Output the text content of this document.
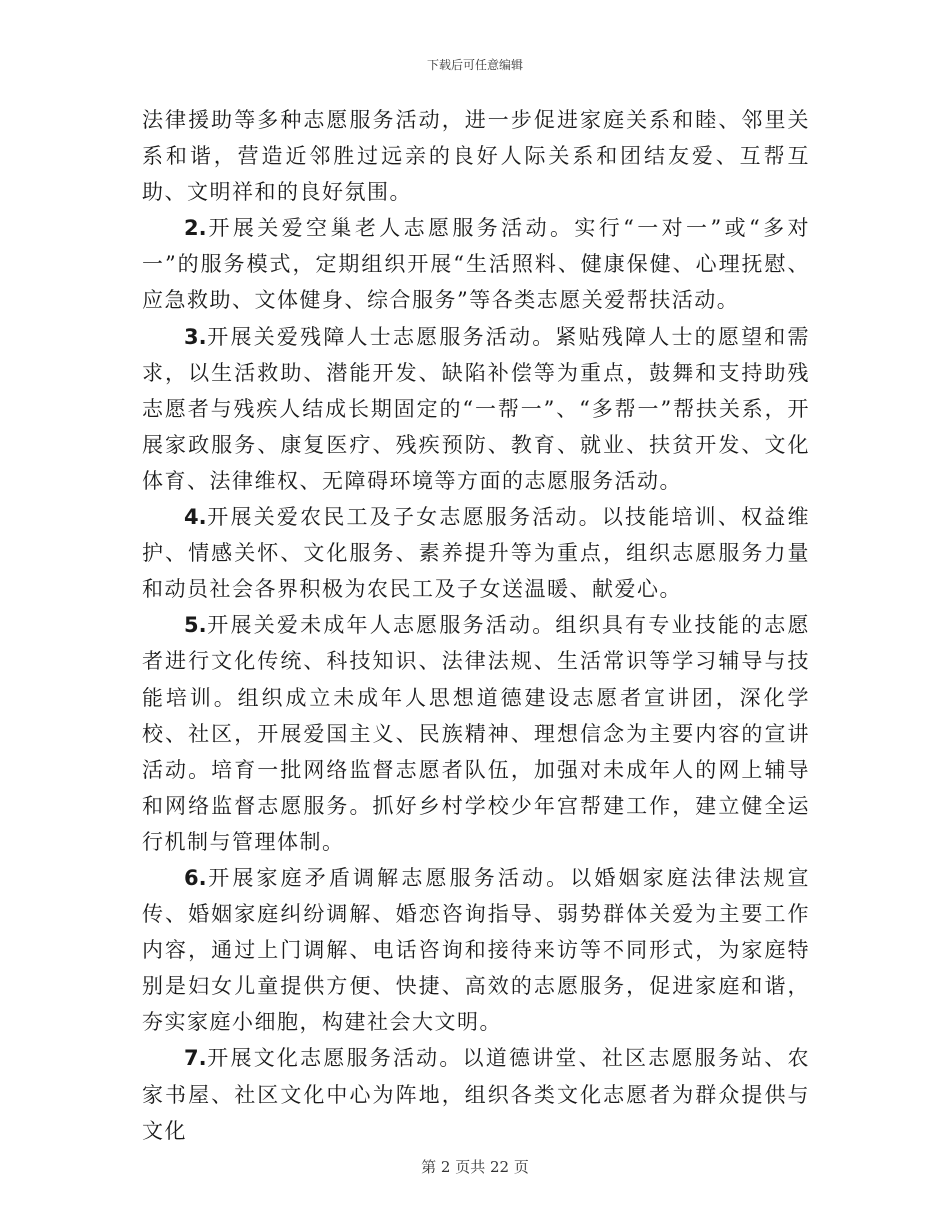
下载后可任意编辑

法律援助等多种志愿服务活动，进一步促进家庭关系和睦、邻里关系和谐，营造近邻胜过远亲的良好人际关系和团结友爱、互帮互助、文明祥和的良好氛围。

2.开展关爱空巢老人志愿服务活动。实行“一对一”或“多对一”的服务模式，定期组织开展“生活照料、健康保健、心理抚慰、应急救助、文体健身、综合服务”等各类志愿关爱帮扶活动。

3.开展关爱残障人士志愿服务活动。紧贴残障人士的愿望和需求，以生活救助、潜能开发、缺陷补偿等为重点，鼓舞和支持助残志愿者与残疾人结成长期固定的“一帮一”、“多帮一”帮扶关系，开展家政服务、康复医疗、残疾预防、教育、就业、扶贫开发、文化体育、法律维权、无障碍环境等方面的志愿服务活动。

4.开展关爱农民工及子女志愿服务活动。以技能培训、权益维护、情感关怀、文化服务、素养提升等为重点，组织志愿服务力量和动员社会各界积极为农民工及子女送温暖、献爱心。

5.开展关爱未成年人志愿服务活动。组织具有专业技能的志愿者进行文化传统、科技知识、法律法规、生活常识等学习辅导与技能培训。组织成立未成年人思想道德建设志愿者宣讲团，深化学校、社区，开展爱国主义、民族精神、理想信念为主要内容的宣讲活动。培育一批网络监督志愿者队伍，加强对未成年人的网上辅导和网络监督志愿服务。抓好乡村学校少年宫帮建工作，建立健全运行机制与管理体制。

6.开展家庭矛盾调解志愿服务活动。以婚姻家庭法律法规宣传、婚姻家庭纠纷调解、婚恋咨询指导、弱势群体关爱为主要工作内容，通过上门调解、电话咨询和接待来访等不同形式，为家庭特别是妇女儿童提供方便、快捷、高效的志愿服务，促进家庭和谐，夯实家庭小细胞，构建社会大文明。

7.开展文化志愿服务活动。以道德讲堂、社区志愿服务站、农家书屋、社区文化中心为阵地，组织各类文化志愿者为群众提供与文化

第 2 页共 22 页
